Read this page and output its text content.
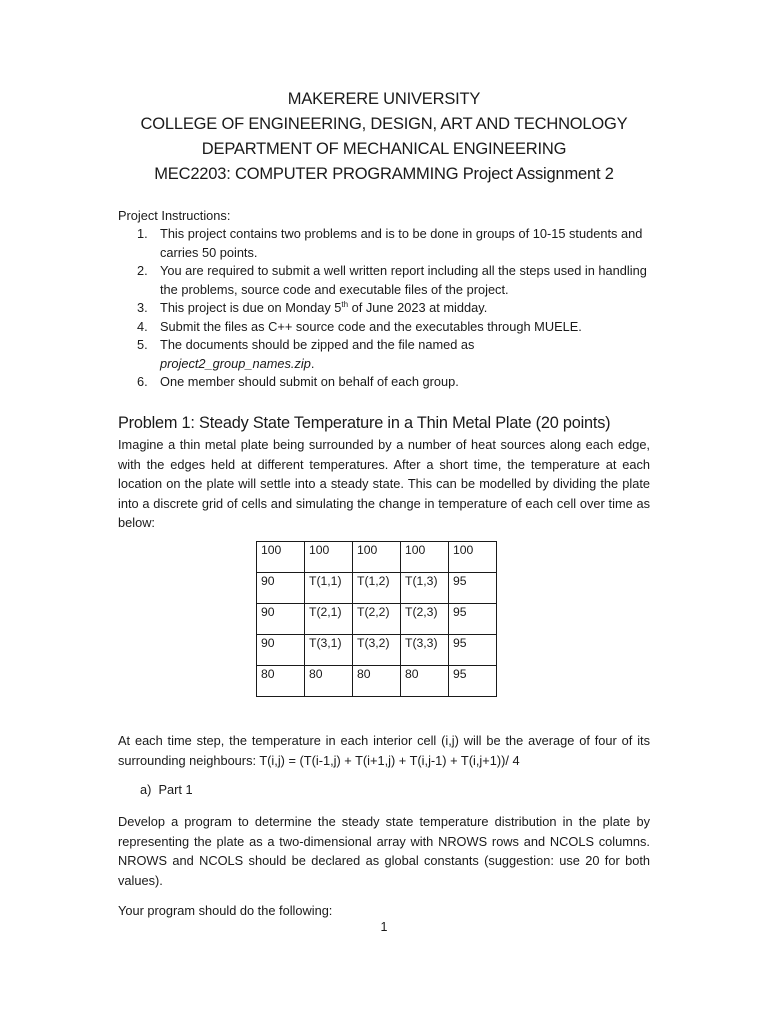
MAKERERE UNIVERSITY
COLLEGE OF ENGINEERING, DESIGN, ART AND TECHNOLOGY
DEPARTMENT OF MECHANICAL ENGINEERING
MEC2203: COMPUTER PROGRAMMING Project Assignment 2
Project Instructions:
1. This project contains two problems and is to be done in groups of 10-15 students and carries 50 points.
2. You are required to submit a well written report including all the steps used in handling the problems, source code and executable files of the project.
3. This project is due on Monday 5th of June 2023 at midday.
4. Submit the files as C++ source code and the executables through MUELE.
5. The documents should be zipped and the file named as
project2_group_names.zip.
6. One member should submit on behalf of each group.
Problem 1: Steady State Temperature in a Thin Metal Plate (20 points)
Imagine a thin metal plate being surrounded by a number of heat sources along each edge, with the edges held at different temperatures. After a short time, the temperature at each location on the plate will settle into a steady state. This can be modelled by dividing the plate into a discrete grid of cells and simulating the change in temperature of each cell over time as below:
100	100	100	100	100
90	T(1,1)	T(1,2)	T(1,3)	95
90	T(2,1)	T(2,2)	T(2,3)	95
90	T(3,1)	T(3,2)	T(3,3)	95
80	80	80	80	95
At each time step, the temperature in each interior cell (i,j) will be the average of four of its surrounding neighbours: T(i,j) = (T(i-1,j) + T(i+1,j) + T(i,j-1) + T(i,j+1))/ 4
a) Part 1
Develop a program to determine the steady state temperature distribution in the plate by representing the plate as a two-dimensional array with NROWS rows and NCOLS columns. NROWS and NCOLS should be declared as global constants (suggestion: use 20 for both values).
Your program should do the following:
1
